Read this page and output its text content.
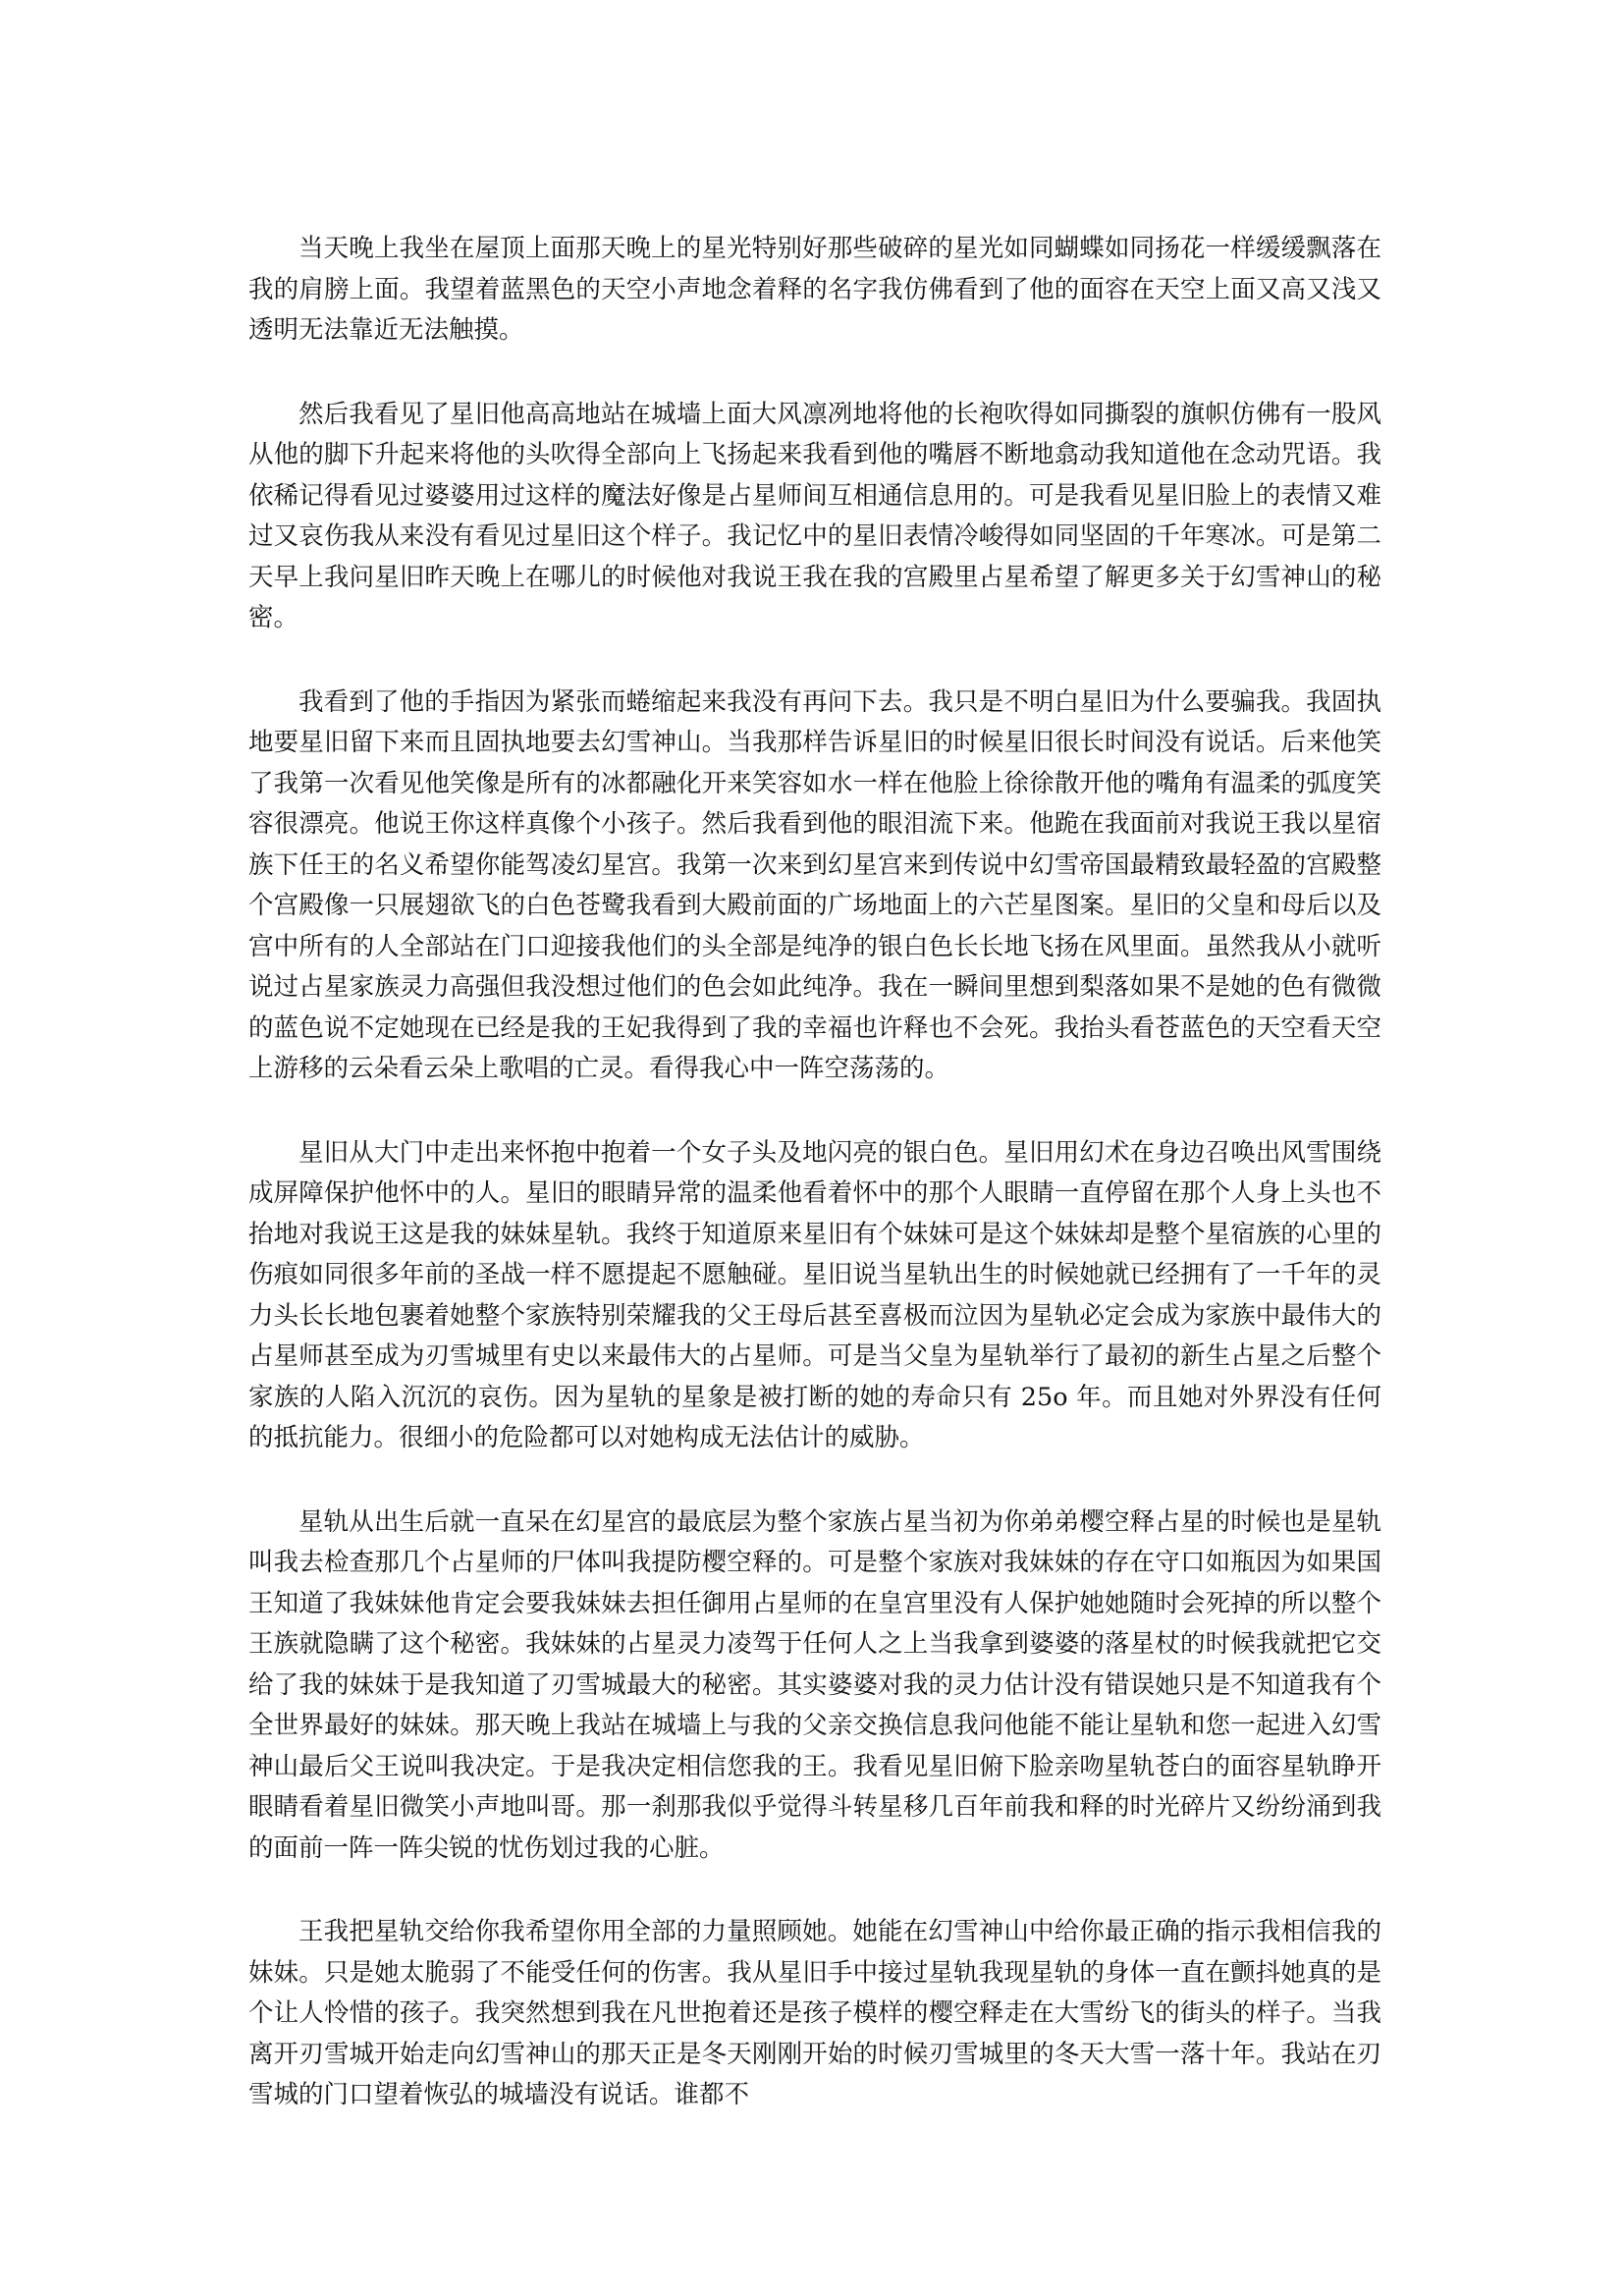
当天晚上我坐在屋顶上面那天晚上的星光特别好那些破碎的星光如同蝴蝶如同扬花一样缓缓飘落在我的肩膀上面。我望着蓝黑色的天空小声地念着释的名字我仿佛看到了他的面容在天空上面又高又浅又透明无法靠近无法触摸。

然后我看见了星旧他高高地站在城墙上面大风凛冽地将他的长袍吹得如同撕裂的旗帜仿佛有一股风从他的脚下升起来将他的头吹得全部向上飞扬起来我看到他的嘴唇不断地翕动我知道他在念动咒语。我依稀记得看见过婆婆用过这样的魔法好像是占星师间互相通信息用的。可是我看见星旧脸上的表情又难过又哀伤我从来没有看见过星旧这个样子。我记忆中的星旧表情冷峻得如同坚固的千年寒冰。可是第二天早上我问星旧昨天晚上在哪儿的时候他对我说王我在我的宫殿里占星希望了解更多关于幻雪神山的秘密。

我看到了他的手指因为紧张而蜷缩起来我没有再问下去。我只是不明白星旧为什么要骗我。我固执地要星旧留下来而且固执地要去幻雪神山。当我那样告诉星旧的时候星旧很长时间没有说话。后来他笑了我第一次看见他笑像是所有的冰都融化开来笑容如水一样在他脸上徐徐散开他的嘴角有温柔的弧度笑容很漂亮。他说王你这样真像个小孩子。然后我看到他的眼泪流下来。他跪在我面前对我说王我以星宿族下任王的名义希望你能驾凌幻星宫。我第一次来到幻星宫来到传说中幻雪帝国最精致最轻盈的宫殿整个宫殿像一只展翅欲飞的白色苍鹭我看到大殿前面的广场地面上的六芒星图案。星旧的父皇和母后以及宫中所有的人全部站在门口迎接我他们的头全部是纯净的银白色长长地飞扬在风里面。虽然我从小就听说过占星家族灵力高强但我没想过他们的色会如此纯净。我在一瞬间里想到梨落如果不是她的色有微微的蓝色说不定她现在已经是我的王妃我得到了我的幸福也许释也不会死。我抬头看苍蓝色的天空看天空上游移的云朵看云朵上歌唱的亡灵。看得我心中一阵空荡荡的。

星旧从大门中走出来怀抱中抱着一个女子头及地闪亮的银白色。星旧用幻术在身边召唤出风雪围绕成屏障保护他怀中的人。星旧的眼睛异常的温柔他看着怀中的那个人眼睛一直停留在那个人身上头也不抬地对我说王这是我的妹妹星轨。我终于知道原来星旧有个妹妹可是这个妹妹却是整个星宿族的心里的伤痕如同很多年前的圣战一样不愿提起不愿触碰。星旧说当星轨出生的时候她就已经拥有了一千年的灵力头长长地包裹着她整个家族特别荣耀我的父王母后甚至喜极而泣因为星轨必定会成为家族中最伟大的占星师甚至成为刃雪城里有史以来最伟大的占星师。可是当父皇为星轨举行了最初的新生占星之后整个家族的人陷入沉沉的哀伤。因为星轨的星象是被打断的她的寿命只有 25o 年。而且她对外界没有任何的抵抗能力。很细小的危险都可以对她构成无法估计的威胁。

星轨从出生后就一直呆在幻星宫的最底层为整个家族占星当初为你弟弟樱空释占星的时候也是星轨叫我去检查那几个占星师的尸体叫我提防樱空释的。可是整个家族对我妹妹的存在守口如瓶因为如果国王知道了我妹妹他肯定会要我妹妹去担任御用占星师的在皇宫里没有人保护她她随时会死掉的所以整个王族就隐瞒了这个秘密。我妹妹的占星灵力凌驾于任何人之上当我拿到婆婆的落星杖的时候我就把它交给了我的妹妹于是我知道了刃雪城最大的秘密。其实婆婆对我的灵力估计没有错误她只是不知道我有个全世界最好的妹妹。那天晚上我站在城墙上与我的父亲交换信息我问他能不能让星轨和您一起进入幻雪神山最后父王说叫我决定。于是我决定相信您我的王。我看见星旧俯下脸亲吻星轨苍白的面容星轨睁开眼睛看着星旧微笑小声地叫哥。那一刹那我似乎觉得斗转星移几百年前我和释的时光碎片又纷纷涌到我的面前一阵一阵尖锐的忧伤划过我的心脏。

王我把星轨交给你我希望你用全部的力量照顾她。她能在幻雪神山中给你最正确的指示我相信我的妹妹。只是她太脆弱了不能受任何的伤害。我从星旧手中接过星轨我现星轨的身体一直在颤抖她真的是个让人怜惜的孩子。我突然想到我在凡世抱着还是孩子模样的樱空释走在大雪纷飞的街头的样子。当我离开刃雪城开始走向幻雪神山的那天正是冬天刚刚开始的时候刃雪城里的冬天大雪一落十年。我站在刃雪城的门口望着恢弘的城墙没有说话。谁都不
